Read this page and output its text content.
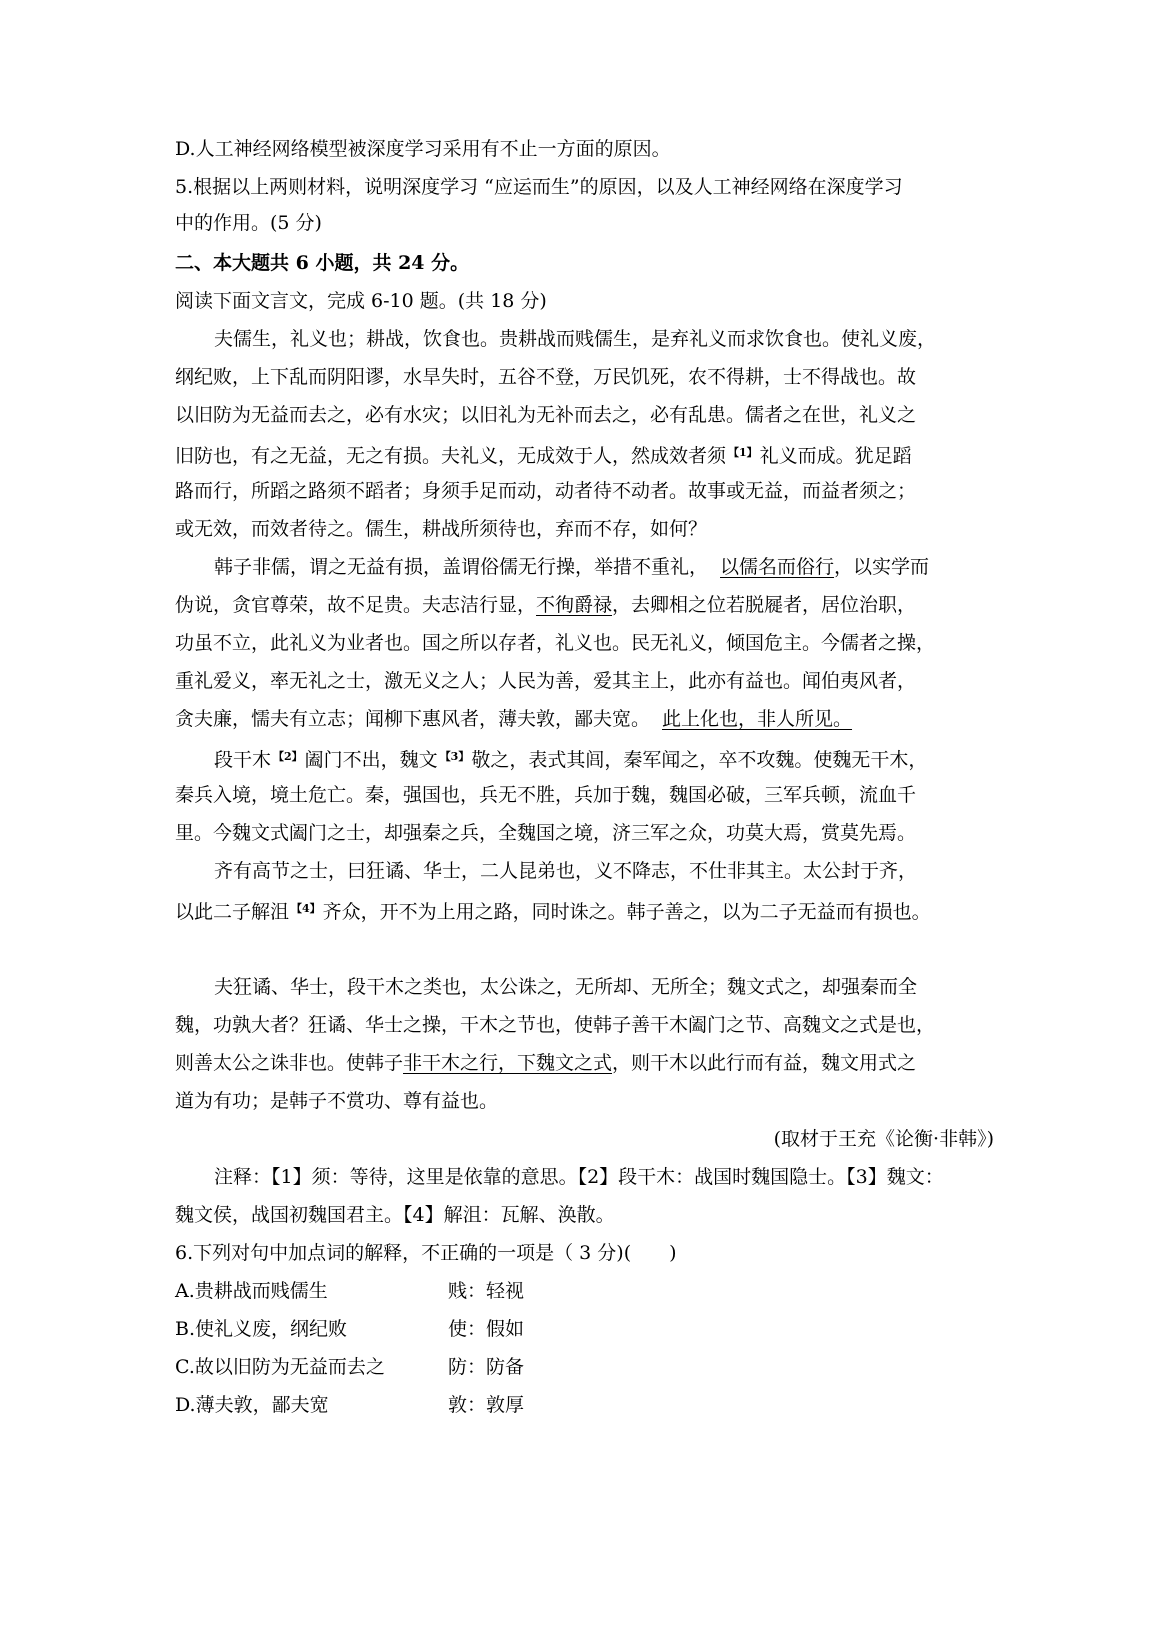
D.人工神经网络模型被深度学习采用有不止一方面的原因。
5.根据以上两则材料，说明深度学习 “应运而生”的原因，以及人工神经网络在深度学习
中的作用。(5 分)
二、本大题共 6 小题，共 24 分。
阅读下面文言文，完成 6-10 题。(共 18 分)
夫儒生，礼义也；耕战，饮食也。贵耕战而贱儒生，是弃礼义而求饮食也。使礼义废，
纲纪败，上下乱而阴阳谬，水旱失时，五谷不登，万民饥死，农不得耕，士不得战也。故
以旧防为无益而去之，必有水灾；以旧礼为无补而去之，必有乱患。儒者之在世，礼义之
旧防也，有之无益，无之有损。夫礼义，无成效于人，然成效者须 $^{【1】}$ 礼义而成。犹足蹈
路而行，所蹈之路须不蹈者；身须手足而动，动者待不动者。故事或无益，而益者须之；
或无效，而效者待之。儒生，耕战所须待也，弃而不存，如何？
韩子非儒，谓之无益有损，盖谓俗儒无行操，举措不重礼， 以儒名而俗行，以实学而
伪说，贪官尊荣，故不足贵。夫志洁行显，不徇爵禄，去卿相之位若脱屣者，居位治职，
功虽不立，此礼义为业者也。国之所以存者，礼义也。民无礼义，倾国危主。今儒者之操，
重礼爱义，率无礼之士，激无义之人；人民为善，爱其主上，此亦有益也。闻伯夷风者，
贪夫廉，懦夫有立志；闻柳下惠风者，薄夫敦，鄙夫宽。 此上化也，非人所见。
段干木 $^{【2】}$ 阖门不出，魏文 $^{【3】}$ 敬之，表式其闾，秦军闻之，卒不攻魏。使魏无干木，
秦兵入境，境土危亡。秦，强国也，兵无不胜，兵加于魏，魏国必破，三军兵顿，流血千
里。今魏文式阖门之士，却强秦之兵，全魏国之境，济三军之众，功莫大焉，赏莫先焉。
齐有高节之士，曰狂谲、华士，二人昆弟也，义不降志，不仕非其主。太公封于齐，
以此二子解沮 $^{【4】}$ 齐众，开不为上用之路，同时诛之。韩子善之，以为二子无益而有损也。
夫狂谲、华士，段干木之类也，太公诛之，无所却、无所全；魏文式之，却强秦而全
魏，功孰大者？狂谲、华士之操，干木之节也，使韩子善干木阖门之节、高魏文之式是也，
则善太公之诛非也。使韩子非干木之行，下魏文之式，则干木以此行而有益，魏文用式之
道为有功；是韩子不赏功、尊有益也。
(取材于王充《论衡·非韩》)
注释：【1】须：等待，这里是依靠的意思。【2】段干木：战国时魏国隐士。【3】魏文：
魏文侯，战国初魏国君主。【4】解沮：瓦解、涣散。
6.下列对句中加点词的解释，不正确的一项是（ 3 分)(　　)
A.贵耕战而贱儒生	贱：轻视
B.使礼义废，纲纪败	使：假如
C.故以旧防为无益而去之	防：防备
D.薄夫敦，鄙夫宽	敦：敦厚
